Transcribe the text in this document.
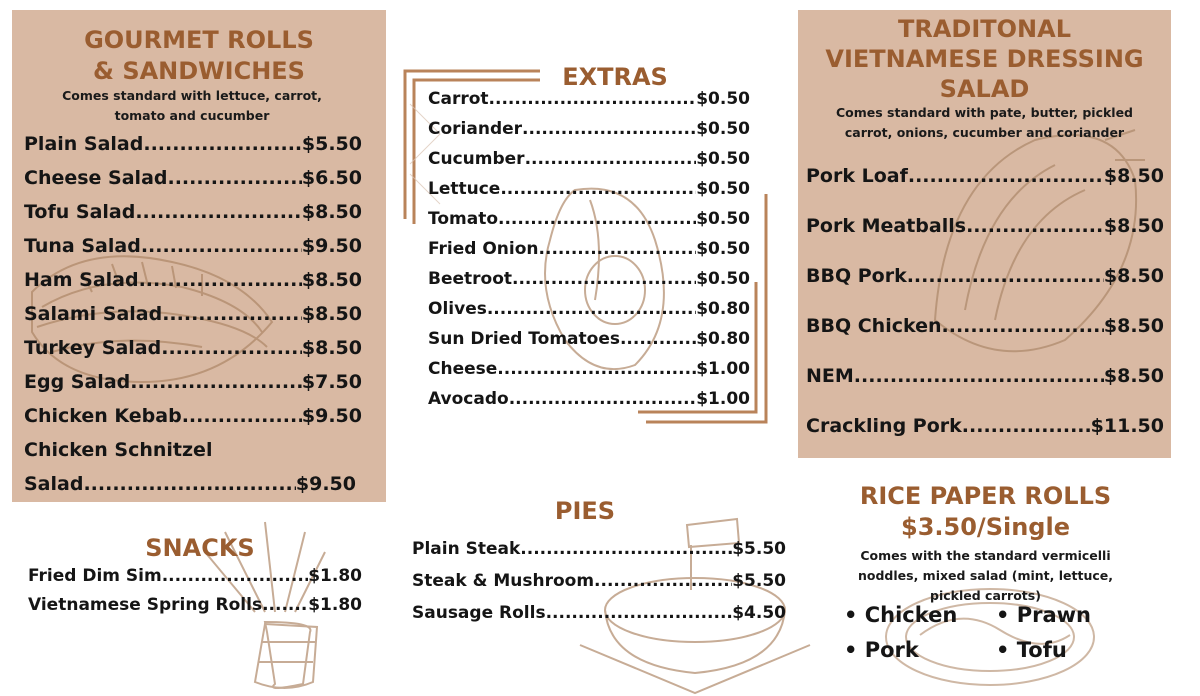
GOURMET ROLLS
& SANDWICHES
Comes standard with lettuce, carrot,
tomato and cucumber
Plain Salad .....	$5.50
Cheese Salad .....	$6.50
Tofu Salad .....	$8.50
Tuna Salad .....	$9.50
Ham Salad .....	$8.50
Salami Salad .....	$8.50
Turkey Salad .....	$8.50
Egg Salad .....	$7.50
Chicken Kebab .....	$9.50
Chicken Schnitzel
Salad .....	$9.50
EXTRAS
Carrot .....	$0.50
Coriander .....	$0.50
Cucumber .....	$0.50
Lettuce .....	$0.50
Tomato .....	$0.50
Fried Onion .....	$0.50
Beetroot .....	$0.50
Olives .....	$0.80
Sun Dried Tomatoes .....	$0.80
Cheese .....	$1.00
Avocado .....	$1.00
TRADITONAL
VIETNAMESE DRESSING
SALAD
Comes standard with pate, butter, pickled
carrot, onions, cucumber and coriander
Pork Loaf .....	$8.50
Pork Meatballs .....	$8.50
BBQ Pork .....	$8.50
BBQ Chicken .....	$8.50
NEM .....	$8.50
Crackling Pork .....	$11.50
SNACKS
Fried Dim Sim .....	$1.80
Vietnamese Spring Rolls .....	$1.80
PIES
Plain Steak .....	$5.50
Steak & Mushroom .....	$5.50
Sausage Rolls .....	$4.50
RICE PAPER ROLLS
$3.50/Single
Comes with the standard vermicelli
noddles, mixed salad (mint, lettuce,
pickled carrots)
• Chicken • Prawn
• Pork	• Tofu
